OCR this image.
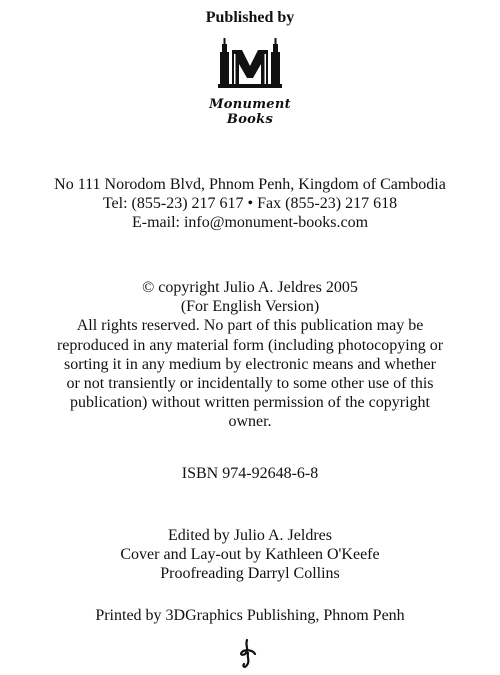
Published by
Monument
Books
No 111 Norodom Blvd, Phnom Penh, Kingdom of Cambodia
Tel: (855-23) 217 617 • Fax (855-23) 217 618
E-mail: info@monument-books.com
© copyright Julio A. Jeldres 2005
(For English Version)
All rights reserved. No part of this publication may be
reproduced in any material form (including photocopying or
sorting it in any medium by electronic means and whether
or not transiently or incidentally to some other use of this
publication) without written permission of the copyright
owner.
ISBN 974-92648-6-8
Edited by Julio A. Jeldres
Cover and Lay-out by Kathleen O'Keefe
Proofreading Darryl Collins
Printed by 3DGraphics Publishing, Phnom Penh
